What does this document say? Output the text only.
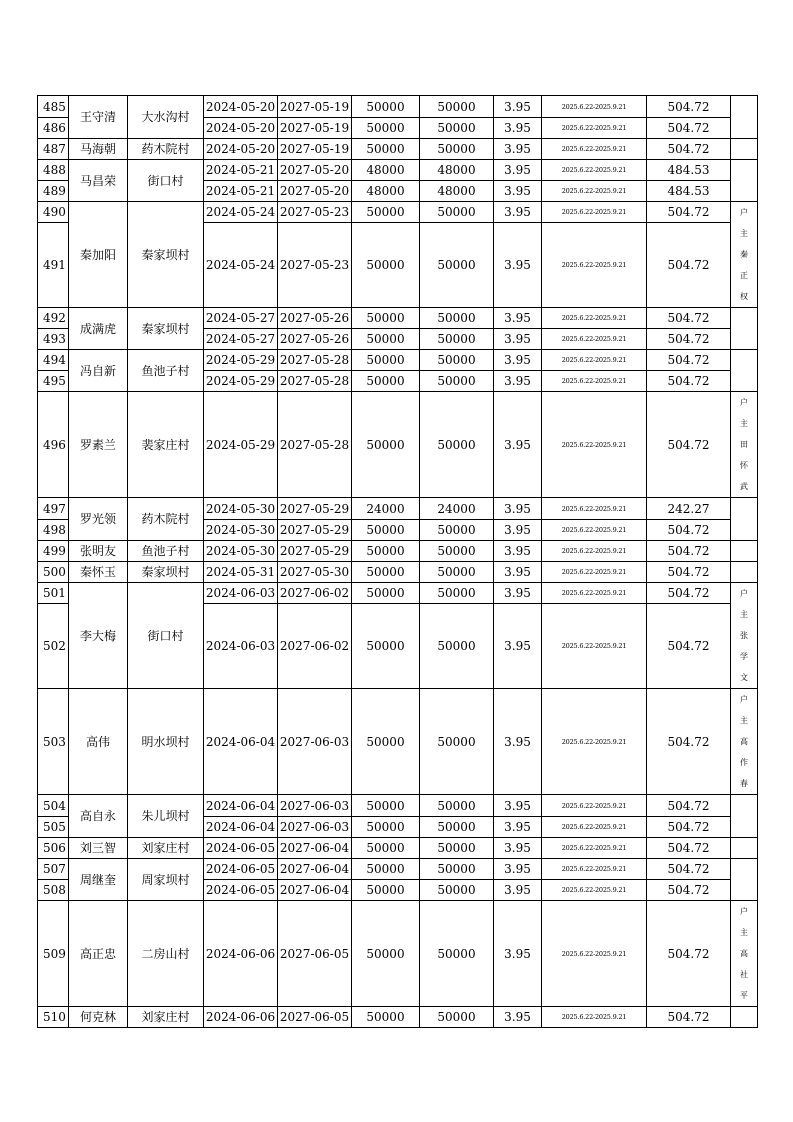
485	王守清	大水沟村	2024-05-20	2027-05-19	50000	50000	3.95	2025.6.22-2025.9.21	504.72	
486			2024-05-20	2027-05-19	50000	50000	3.95	2025.6.22-2025.9.21	504.72	
487	马海朝	药木院村	2024-05-20	2027-05-19	50000	50000	3.95	2025.6.22-2025.9.21	504.72	
488	马昌荣	街口村	2024-05-21	2027-05-20	48000	48000	3.95	2025.6.22-2025.9.21	484.53	
489			2024-05-21	2027-05-20	48000	48000	3.95	2025.6.22-2025.9.21	484.53	
490	秦加阳	秦家坝村	2024-05-24	2027-05-23	50000	50000	3.95	2025.6.22-2025.9.21	504.72	户主秦正权

491			2024-05-24	2027-05-23	50000	50000	3.95	2025.6.22-2025.9.21	504.72	
492	成满虎	秦家坝村	2024-05-27	2027-05-26	50000	50000	3.95	2025.6.22-2025.9.21	504.72	
493			2024-05-27	2027-05-26	50000	50000	3.95	2025.6.22-2025.9.21	504.72	
494	冯自新	鱼池子村	2024-05-29	2027-05-28	50000	50000	3.95	2025.6.22-2025.9.21	504.72	
495			2024-05-29	2027-05-28	50000	50000	3.95	2025.6.22-2025.9.21	504.72	
496	罗素兰	裴家庄村	2024-05-29	2027-05-28	50000	50000	3.95	2025.6.22-2025.9.21	504.72	户主田怀武

497	罗光领	药木院村	2024-05-30	2027-05-29	24000	24000	3.95	2025.6.22-2025.9.21	242.27	
498			2024-05-30	2027-05-29	50000	50000	3.95	2025.6.22-2025.9.21	504.72	
499	张明友	鱼池子村	2024-05-30	2027-05-29	50000	50000	3.95	2025.6.22-2025.9.21	504.72	
500	秦怀玉	秦家坝村	2024-05-31	2027-05-30	50000	50000	3.95	2025.6.22-2025.9.21	504.72	
501	李大梅	街口村	2024-06-03	2027-06-02	50000	50000	3.95	2025.6.22-2025.9.21	504.72	户主张学文

502			2024-06-03	2027-06-02	50000	50000	3.95	2025.6.22-2025.9.21	504.72	
503	高伟	明水坝村	2024-06-04	2027-06-03	50000	50000	3.95	2025.6.22-2025.9.21	504.72	户主高作春

504	高自永	朱儿坝村	2024-06-04	2027-06-03	50000	50000	3.95	2025.6.22-2025.9.21	504.72	
505			2024-06-04	2027-06-03	50000	50000	3.95	2025.6.22-2025.9.21	504.72	
506	刘三智	刘家庄村	2024-06-05	2027-06-04	50000	50000	3.95	2025.6.22-2025.9.21	504.72	
507	周继奎	周家坝村	2024-06-05	2027-06-04	50000	50000	3.95	2025.6.22-2025.9.21	504.72	
508			2024-06-05	2027-06-04	50000	50000	3.95	2025.6.22-2025.9.21	504.72	
509	高正忠	二房山村	2024-06-06	2027-06-05	50000	50000	3.95	2025.6.22-2025.9.21	504.72	户主高社平

510	何克林	刘家庄村	2024-06-06	2027-06-05	50000	50000	3.95	2025.6.22-2025.9.21	504.72	
